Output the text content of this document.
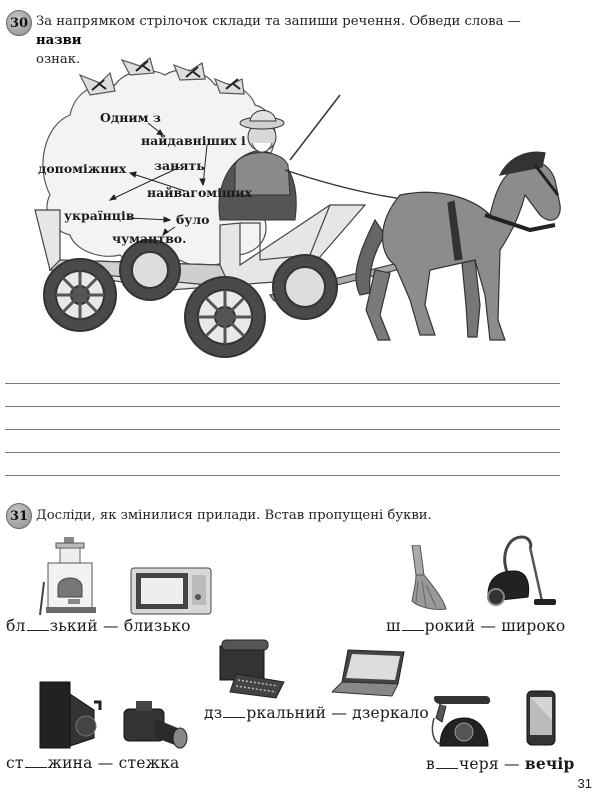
30 За напрямком стрілочок склади та запиши речення. Обведи слова — назви
ознак.
Одним з
найдавніших і
допоміжних занять
найвагоміших
українців	було
чумацтво.
31 Досліди, як змінилися прилади. Встав пропущені букви.
бл зький — близько	ш рокий — широко
дз ркальний — дзеркало
ст жина — стежка	в черя — вечір
31
